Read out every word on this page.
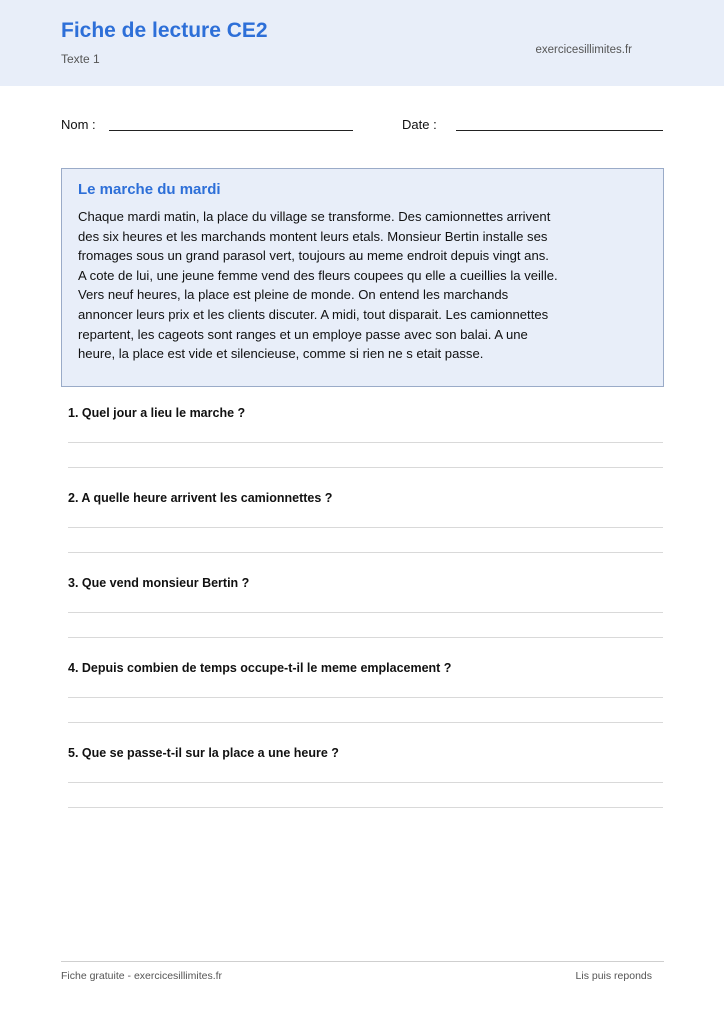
Fiche de lecture CE2
Texte 1
exercicesillimites.fr
Nom :	Date :
Le marche du mardi
Chaque mardi matin, la place du village se transforme. Des camionnettes arrivent des six heures et les marchands montent leurs etals. Monsieur Bertin installe ses fromages sous un grand parasol vert, toujours au meme endroit depuis vingt ans. A cote de lui, une jeune femme vend des fleurs coupees qu elle a cueillies la veille. Vers neuf heures, la place est pleine de monde. On entend les marchands annoncer leurs prix et les clients discuter. A midi, tout disparait. Les camionnettes repartent, les cageots sont ranges et un employe passe avec son balai. A une heure, la place est vide et silencieuse, comme si rien ne s etait passe.
1. Quel jour a lieu le marche ?
2. A quelle heure arrivent les camionnettes ?
3. Que vend monsieur Bertin ?
4. Depuis combien de temps occupe-t-il le meme emplacement ?
5. Que se passe-t-il sur la place a une heure ?
Fiche gratuite - exercicesillimites.fr	Lis puis reponds
